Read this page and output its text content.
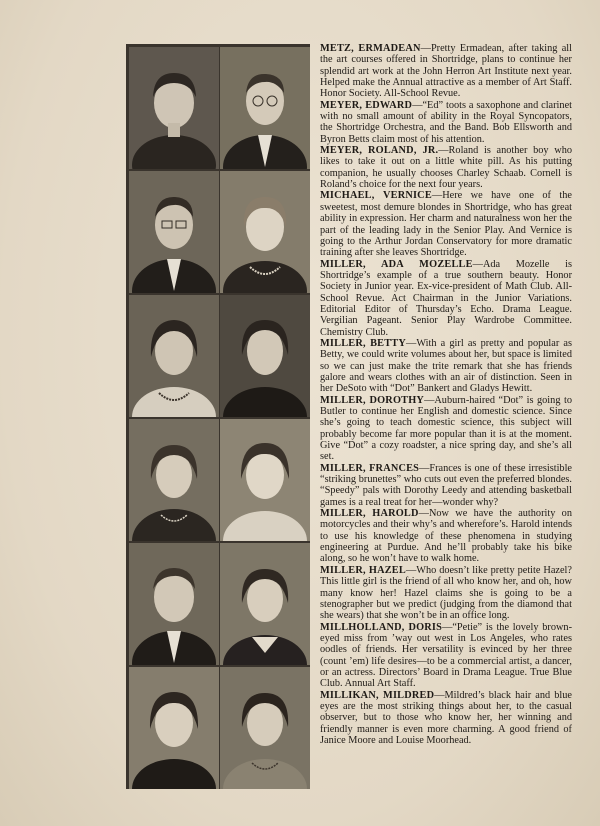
METZ, ERMADEAN—Pretty Ermadean, after taking all the art courses offered in Shortridge, plans to continue her splendid art work at the John Herron Art Institute next year. Helped make the Annual attractive as a member of Art Staff. Honor Society. All-School Revue.

MEYER, EDWARD—“Ed” toots a saxophone and clarinet with no small amount of ability in the Royal Syncopators, the Shortridge Orchestra, and the Band. Bob Ellsworth and Byron Betts claim most of his attention.

MEYER, ROLAND, JR.—Roland is another boy who likes to take it out on a little white pill. As his putting companion, he usually chooses Charley Schaab. Cornell is Roland’s choice for the next four years.

MICHAEL, VERNICE—Here we have one of the sweetest, most demure blondes in Shortridge, who has great ability in expression. Her charm and naturalness won her the part of the leading lady in the Senior Play. And Vernice is going to the Arthur Jordan Conservatory for more dramatic training after she leaves Shortridge.

MILLER, ADA MOZELLE—Ada Mozelle is Shortridge’s example of a true southern beauty. Honor Society in Junior year. Ex-vice-president of Math Club. All-School Revue. Act Chairman in the Junior Variations. Editorial Editor of Thursday’s Echo. Drama League. Vergilian Pageant. Senior Play Wardrobe Committee. Chemistry Club.

MILLER, BETTY—With a girl as pretty and popular as Betty, we could write volumes about her, but space is limited so we can just make the trite remark that she has friends galore and wears clothes with an air of distinction. Seen in her DeSoto with “Dot” Bankert and Gladys Hewitt.

MILLER, DOROTHY—Auburn-haired “Dot” is going to Butler to continue her English and domestic science. Since she’s going to teach domestic science, this subject will probably become far more popular than it is at the moment. Give “Dot” a cozy roadster, a nice spring day, and she’s all set.

MILLER, FRANCES—Frances is one of these irresistible “striking brunettes” who cuts out even the preferred blondes. “Speedy” pals with Dorothy Leedy and attending basketball games is a real treat for her—wonder why?

MILLER, HAROLD—Now we have the authority on motorcycles and their why’s and wherefore’s. Harold intends to use his knowledge of these phenomena in studying engineering at Purdue. And he’ll probably take his bike along, so he won’t have to walk home.

MILLER, HAZEL—Who doesn’t like pretty petite Hazel? This little girl is the friend of all who know her, and oh, how many know her! Hazel claims she is going to be a stenographer but we predict (judging from the diamond that she wears) that she won’t be in an office long.

MILLHOLLAND, DORIS—“Petie” is the lovely brown-eyed miss from ’way out west in Los Angeles, who rates oodles of friends. Her versatility is evinced by her three (count ’em) life desires—to be a commercial artist, a dancer, or an actress. Directors’ Board in Drama League. True Blue Club. Annual Art Staff.

MILLIKAN, MILDRED—Mildred’s black hair and blue eyes are the most striking things about her, to the casual observer, but to those who know her, her winning and friendly manner is even more charming. A good friend of Janice Moore and Louise Moorhead.
